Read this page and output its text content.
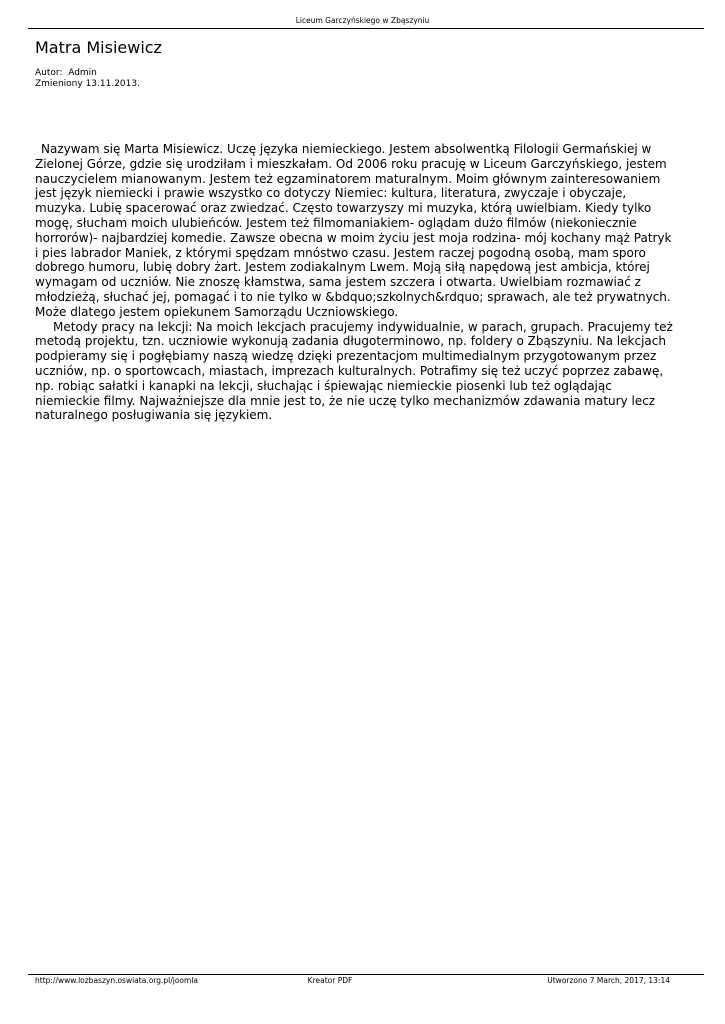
Liceum Garczyńskiego w Zbąszyniu
Matra Misiewicz
Autor:  Admin
Zmieniony 13.11.2013.

Nazywam się Marta Misiewicz. Uczę języka niemieckiego. Jestem absolwentką Filologii Germańskiej w Zielonej Górze, gdzie się urodziłam i mieszkałam. Od 2006 roku pracuję w Liceum Garczyńskiego, jestem nauczycielem mianowanym. Jestem też egzaminatorem maturalnym. Moim głównym zainteresowaniem jest język niemiecki i prawie wszystko co dotyczy Niemiec: kultura, literatura, zwyczaje i obyczaje, muzyka. Lubię spacerować oraz zwiedzać. Często towarzyszy mi muzyka, którą uwielbiam. Kiedy tylko mogę, słucham moich ulubieńców. Jestem też filmomaniakiem- oglądam dużo filmów (niekoniecznie horrorów)- najbardziej komedie. Zawsze obecna w moim życiu jest moja rodzina- mój kochany mąż Patryk i pies labrador Maniek, z którymi spędzam mnóstwo czasu. Jestem raczej pogodną osobą, mam sporo dobrego humoru, lubię dobry żart. Jestem zodiakalnym Lwem. Moją siłą napędową jest ambicja, której wymagam od uczniów. Nie znoszę kłamstwa, sama jestem szczera i otwarta. Uwielbiam rozmawiać z młodzieżą, słuchać jej, pomagać i to nie tylko w &bdquo;szkolnych&rdquo; sprawach, ale też prywatnych. Może dlatego jestem opiekunem Samorządu Uczniowskiego.

Metody pracy na lekcji: Na moich lekcjach pracujemy indywidualnie, w parach, grupach. Pracujemy też metodą projektu, tzn. uczniowie wykonują zadania długoterminowo, np. foldery o Zbąszyniu. Na lekcjach podpieramy się i pogłębiamy naszą wiedzę dzięki prezentacjom multimedialnym przygotowanym przez uczniów, np. o sportowcach, miastach, imprezach kulturalnych. Potrafimy się też uczyć poprzez zabawę, np. robiąc sałatki i kanapki na lekcji, słuchając i śpiewając niemieckie piosenki lub też oglądając niemieckie filmy. Najważniejsze dla mnie jest to, że nie uczę tylko mechanizmów zdawania matury lecz naturalnego posługiwania się językiem.

http://www.lozbaszyn.oswiata.org.pl/joomla	Kreator PDF	Utworzono 7 March, 2017, 13:14
